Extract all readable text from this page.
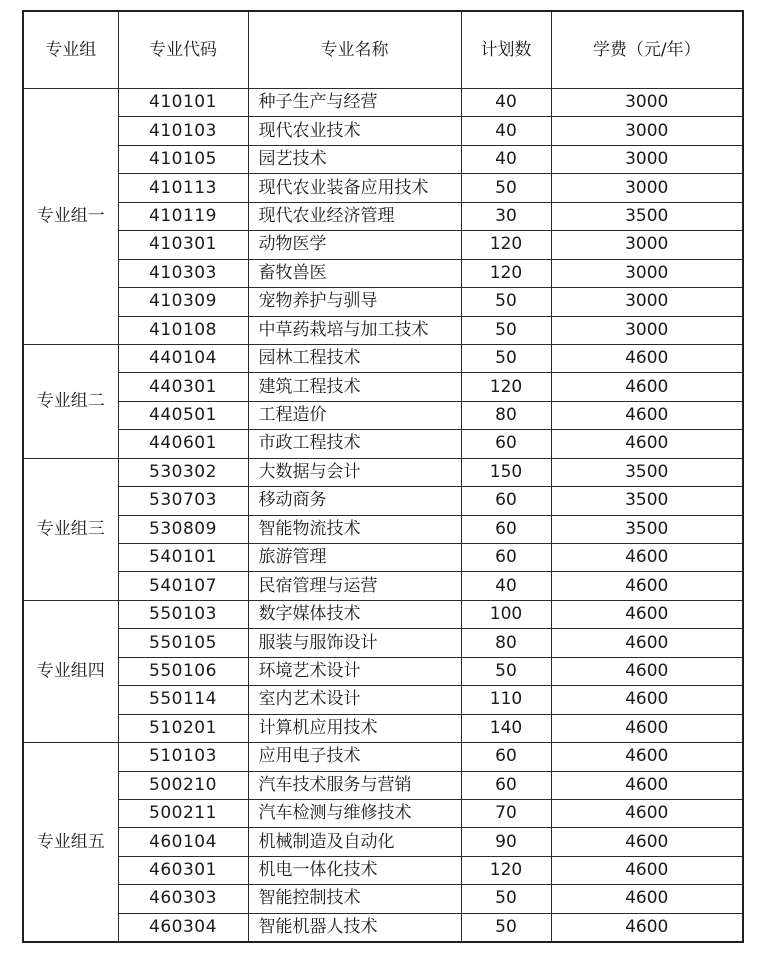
专业组	专业代码	专业名称	计划数	学费（元/年）
专业组一	410101	种子生产与经营	40	3000
	410103	现代农业技术	40	3000
	410105	园艺技术	40	3000
	410113	现代农业装备应用技术	50	3000
	410119	现代农业经济管理	30	3500
	410301	动物医学	120	3000
	410303	畜牧兽医	120	3000
	410309	宠物养护与驯导	50	3000
	410108	中草药栽培与加工技术	50	3000
专业组二	440104	园林工程技术	50	4600
	440301	建筑工程技术	120	4600
	440501	工程造价	80	4600
	440601	市政工程技术	60	4600
专业组三	530302	大数据与会计	150	3500
	530703	移动商务	60	3500
	530809	智能物流技术	60	3500
	540101	旅游管理	60	4600
	540107	民宿管理与运营	40	4600
专业组四	550103	数字媒体技术	100	4600
	550105	服装与服饰设计	80	4600
	550106	环境艺术设计	50	4600
	550114	室内艺术设计	110	4600
	510201	计算机应用技术	140	4600
专业组五	510103	应用电子技术	60	4600
	500210	汽车技术服务与营销	60	4600
	500211	汽车检测与维修技术	70	4600
	460104	机械制造及自动化	90	4600
	460301	机电一体化技术	120	4600
	460303	智能控制技术	50	4600
	460304	智能机器人技术	50	4600
